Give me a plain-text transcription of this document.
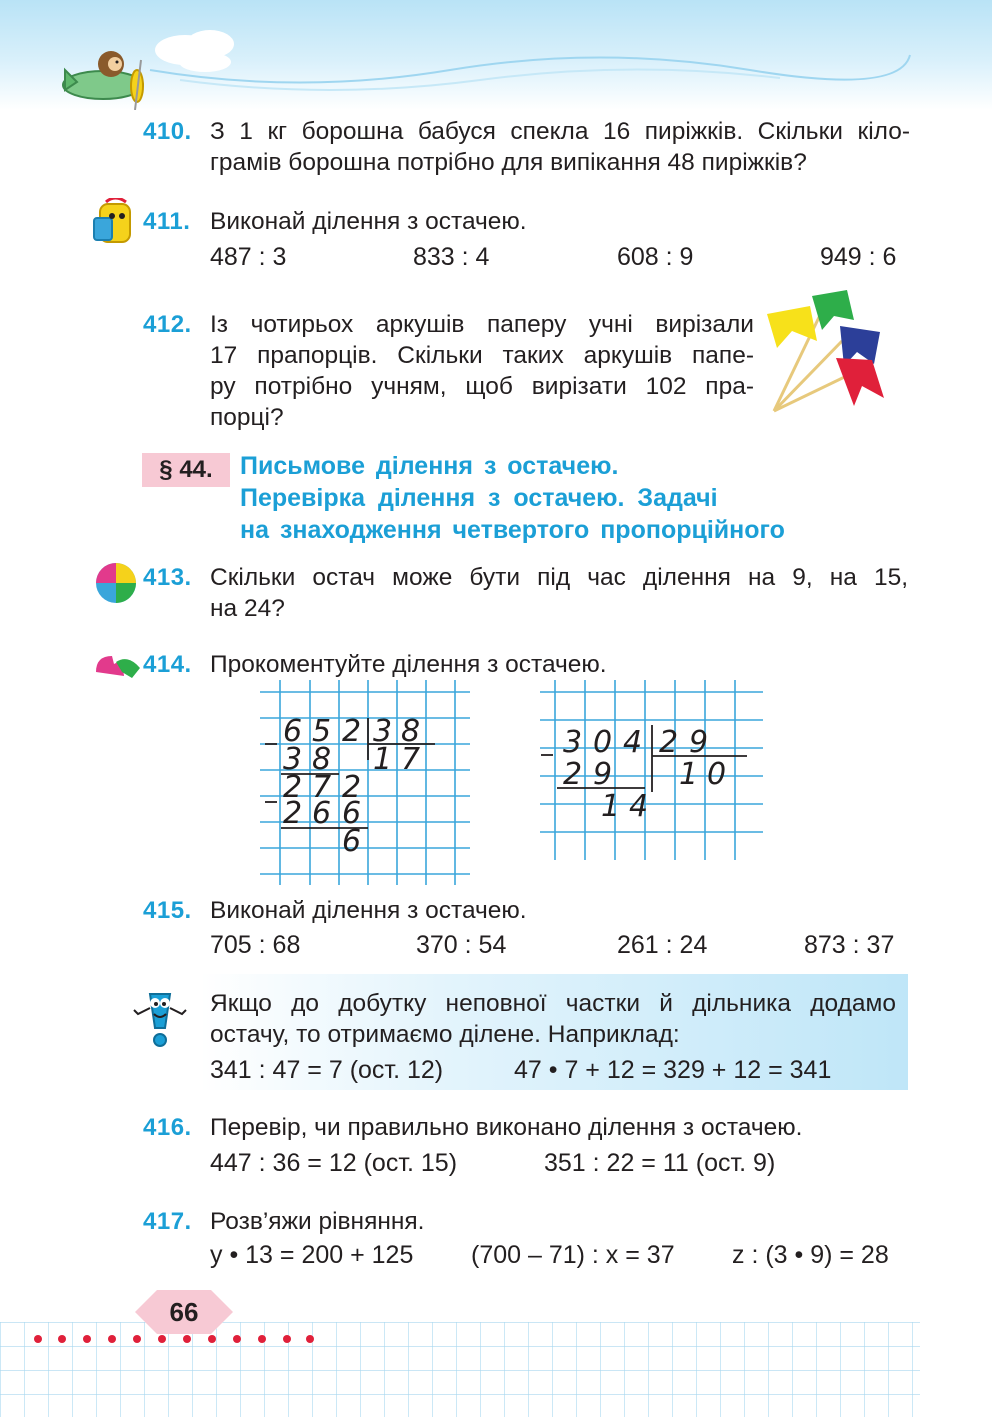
410. З 1 кг борошна бабуся спекла 16 пиріжків. Скільки кіло-
грамів борошна потрібно для випікання 48 пиріжків?
411. Виконай ділення з остачею.
487 : 3	833 : 4	608 : 9	949 : 6
412. Із чотирьох аркушів паперу учні вирізали
17 прапорців. Скільки таких аркушів папе-
ру потрібно учням, щоб вирізати 102 пра-
порці?
§ 44.	Письмове ділення з остачею.
Перевірка ділення з остачею. Задачі
на знаходження четвертого пропорційного
413. Скільки остач може бути під час ділення на 9, на 15,
на 24?
414. Прокоментуйте ділення з остачею.
6 5 2 3 8
3 8 1 7
2 7 2
2 6 6
6
3 0 4 2 9
2 9 1 0
1 4
415. Виконай ділення з остачею.
705 : 68	370 : 54	261 : 24	873 : 37
Якщо до добутку неповної частки й дільника додамо
остачу, то отримаємо ділене. Наприклад:
341 : 47 = 7 (ост. 12)	47 • 7 + 12 = 329 + 12 = 341
416. Перевір, чи правильно виконано ділення з остачею.
447 : 36 = 12 (ост. 15)	351 : 22 = 11 (ост. 9)
417. Розв’яжи рівняння.
y • 13 = 200 + 125 (700 – 71) : x = 37 z : (3 • 9) = 28
66
